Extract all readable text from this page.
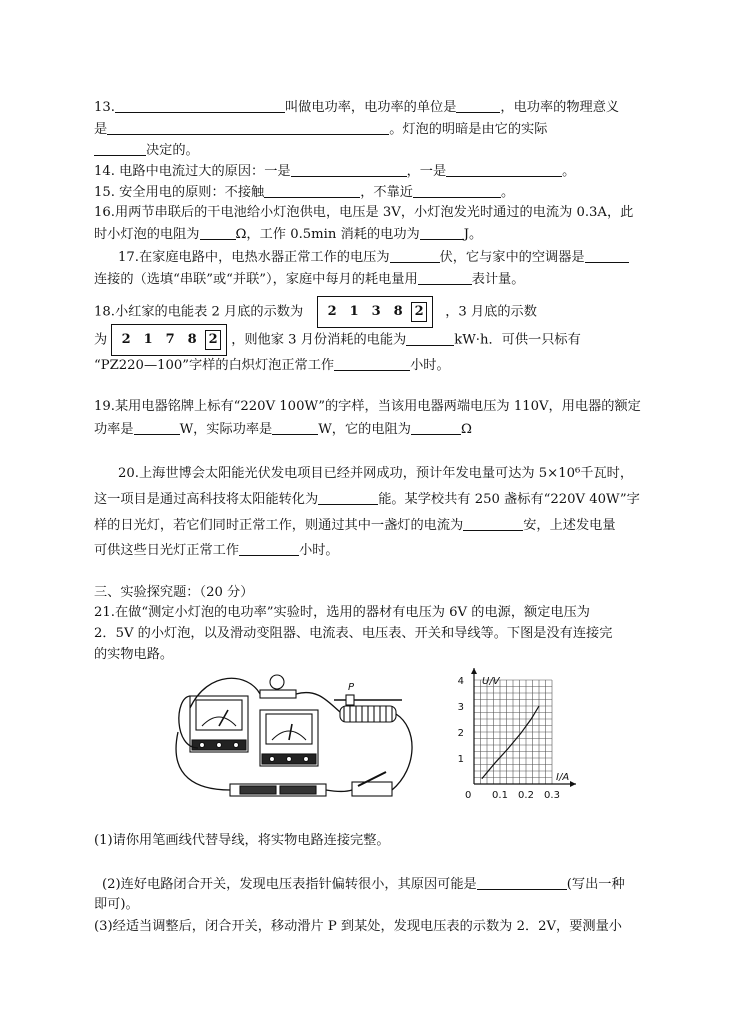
13.	叫做电功率，电功率的单位是	，电功率的物理意义
是	。灯泡的明暗是由它的实际
决定的。
14. 电路中电流过大的原因：一是	，一是	。
15. 安全用电的原则：不接触	，不靠近	。
16.用两节串联后的干电池给小灯泡供电，电压是 3V，小灯泡发光时通过的电流为 0.3A，此
时小灯泡的电阻为	Ω，工作 0.5min 消耗的电功为	J。
17.在家庭电路中，电热水器正常工作的电压为	伏，它与家中的空调器是
连接的（选填“串联”或“并联”），家庭中每月的耗电量用	表计量。
18.小红家的电能表 2 月底的示数为 2 1 3 8 2 ，3 月底的示数
为 2 1 7 8 2 ，则他家 3 月份消耗的电能为	kW·h．可供一只标有
“PZ220—100”字样的白炽灯泡正常工作	小时。
19.某用电器铭牌上标有“220V 100W”的字样，当该用电器两端电压为 110V，用电器的额定
功率是	W，实际功率是	W，它的电阻为	Ω
20.上海世博会太阳能光伏发电项目已经并网成功，预计年发电量可达为 5×10⁶千瓦时，
这一项目是通过高科技将太阳能转化为	能。某学校共有 250 盏标有“220V 40W”字
样的日光灯，若它们同时正常工作，则通过其中一盏灯的电流为	安，上述发电量
可供这些日光灯正常工作	小时。
三、实验探究题：（20 分）
21.在做“测定小灯泡的电功率”实验时，选用的器材有电压为 6V 的电源，额定电压为
2．5V 的小灯泡，以及滑动变阻器、电流表、电压表、开关和导线等。下图是没有连接完
的实物电路。
P
0 0.1 0.2 0.3
1
2
3
4
I/A
U/V
(1)请你用笔画线代替导线，将实物电路连接完整。
(2)连好电路闭合开关，发现电压表指针偏转很小，其原因可能是	(写出一种
即可)。
(3)经适当调整后，闭合开关，移动滑片 P 到某处，发现电压表的示数为 2．2V，要测量小
